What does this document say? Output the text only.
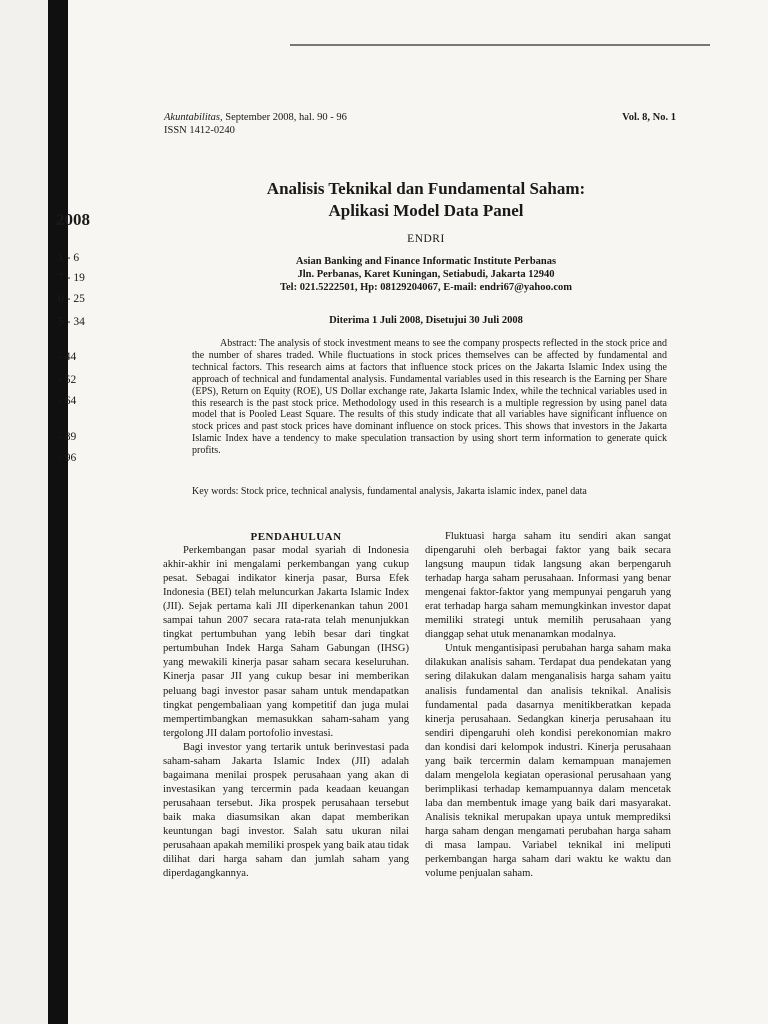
2008
1 - 6
7 - 19
0 - 25
5 - 34
- 44
- 52
- 64
- 89
- 96
Akuntabilitas, September 2008, hal. 90 - 96
ISSN 1412-0240
Vol. 8, No. 1
Analisis Teknikal dan Fundamental Saham:
Aplikasi Model Data Panel
ENDRI
Asian Banking and Finance Informatic Institute Perbanas
Jln. Perbanas, Karet Kuningan, Setiabudi, Jakarta 12940
Tel: 021.5222501, Hp: 08129204067, E-mail: endri67@yahoo.com
Diterima 1 Juli 2008, Disetujui 30 Juli 2008

Abstract: The analysis of stock investment means to see the company prospects reflected in the stock price and the number of shares traded. While fluctuations in stock prices themselves can be affected by fundamental and technical factors. This research aims at factors that influence stock prices on the Jakarta Islamic Index using the approach of technical and fundamental analysis. Fundamental variables used in this research is the Earning per Share (EPS), Return on Equity (ROE), US Dollar exchange rate, Jakarta Islamic Index, while the technical variables used in this research is the past stock price. Methodology used in this research is a multiple regression by using panel data model that is Pooled Least Square. The results of this study indicate that all variables have significant influence on stock prices and past stock prices have dominant influence on stock prices. This shows that investors in the Jakarta Islamic Index have a tendency to make speculation transaction by using short term information to generate quick profits.

Key words: Stock price, technical analysis, fundamental analysis, Jakarta islamic index, panel data

PENDAHULUAN

Perkembangan pasar modal syariah di Indonesia akhir-akhir ini mengalami perkembangan yang cukup pesat. Sebagai indikator kinerja pasar, Bursa Efek Indonesia (BEI) telah meluncurkan Jakarta Islamic Index (JII). Sejak pertama kali JII diperkenankan tahun 2001 sampai tahun 2007 secara rata-rata telah menunjukkan tingkat pertumbuhan yang lebih besar dari tingkat pertumbuhan Indek Harga Saham Gabungan (IHSG) yang mewakili kinerja pasar saham secara keseluruhan. Kinerja pasar JII yang cukup besar ini memberikan peluang bagi investor pasar saham untuk mendapatkan tingkat pengembaliaan yang kompetitif dan juga mulai mempertimbangkan memasukkan saham-saham yang tergolong JII dalam portofolio investasi.

Bagi investor yang tertarik untuk berinvestasi pada saham-saham Jakarta Islamic Index (JII) adalah bagaimana menilai prospek perusahaan yang akan di investasikan yang tercermin pada keadaan keuangan perusahaan tersebut. Jika prospek perusahaan tersebut baik maka diasumsikan akan dapat memberikan keuntungan bagi investor. Salah satu ukuran nilai perusahaan apakah memiliki prospek yang baik atau tidak dilihat dari harga saham dan jumlah saham yang diperdagangkannya.

Fluktuasi harga saham itu sendiri akan sangat dipengaruhi oleh berbagai faktor yang baik secara langsung maupun tidak langsung akan berpengaruh terhadap harga saham perusahaan. Informasi yang benar mengenai faktor-faktor yang mempunyai pengaruh yang erat terhadap harga saham memungkinkan investor dapat memiliki strategi untuk memilih perusahaan yang dianggap sehat utuk menanamkan modalnya.

Untuk mengantisipasi perubahan harga saham maka dilakukan analisis saham. Terdapat dua pendekatan yang sering dilakukan dalam menganalisis harga saham yaitu analisis fundamental dan analisis teknikal. Analisis fundamental pada dasarnya menitikberatkan kepada kinerja perusahaan. Sedangkan kinerja perusahaan itu sendiri dipengaruhi oleh kondisi perekonomian makro dan kondisi dari kelompok industri. Kinerja perusahaan yang baik tercermin dalam kemampuan manajemen dalam mengelola kegiatan operasional perusahaan yang berimplikasi terhadap kemampuannya dalam mencetak laba dan membentuk image yang baik dari masyarakat. Analisis teknikal merupakan upaya untuk memprediksi harga saham dengan mengamati perubahan harga saham di masa lampau. Variabel teknikal ini meliputi perkembangan harga saham dari waktu ke waktu dan volume penjualan saham.
